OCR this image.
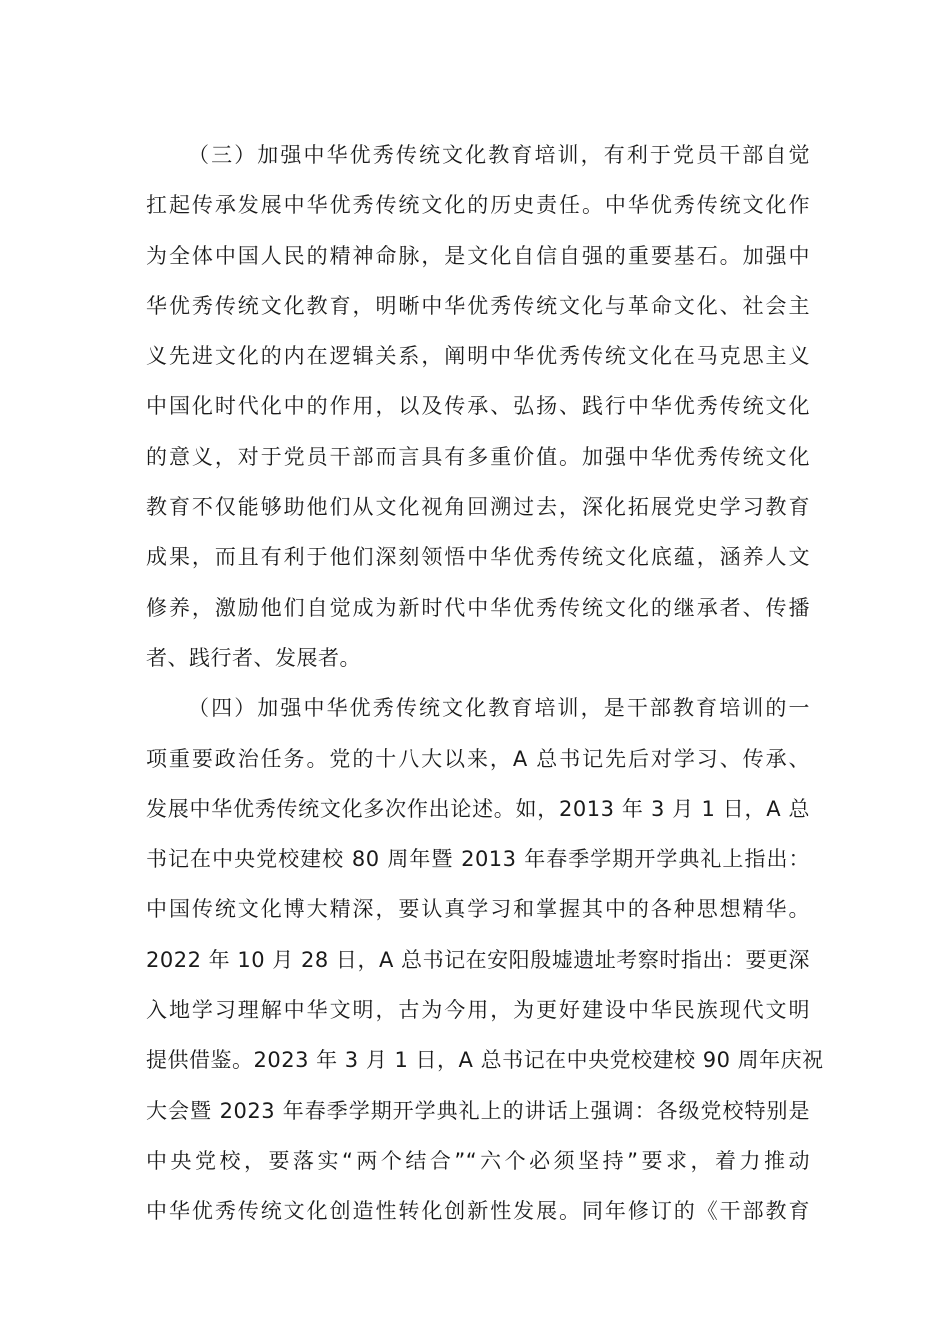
（三）加强中华优秀传统文化教育培训，有利于党员干部自觉
扛起传承发展中华优秀传统文化的历史责任。中华优秀传统文化作
为全体中国人民的精神命脉，是文化自信自强的重要基石。加强中
华优秀传统文化教育，明晰中华优秀传统文化与革命文化、社会主
义先进文化的内在逻辑关系，阐明中华优秀传统文化在马克思主义
中国化时代化中的作用，以及传承、弘扬、践行中华优秀传统文化
的意义，对于党员干部而言具有多重价值。加强中华优秀传统文化
教育不仅能够助他们从文化视角回溯过去，深化拓展党史学习教育
成果，而且有利于他们深刻领悟中华优秀传统文化底蕴，涵养人文
修养，激励他们自觉成为新时代中华优秀传统文化的继承者、传播
者、践行者、发展者。
（四）加强中华优秀传统文化教育培训，是干部教育培训的一
项重要政治任务。党的十八大以来，A 总书记先后对学习、传承、
发展中华优秀传统文化多次作出论述。如，2013 年 3 月 1 日，A 总
书记在中央党校建校 80 周年暨 2013 年春季学期开学典礼上指出：
中国传统文化博大精深，要认真学习和掌握其中的各种思想精华。
2022 年 10 月 28 日，A 总书记在安阳殷墟遗址考察时指出：要更深
入地学习理解中华文明，古为今用，为更好建设中华民族现代文明
提供借鉴。2023 年 3 月 1 日，A 总书记在中央党校建校 90 周年庆祝
大会暨 2023 年春季学期开学典礼上的讲话上强调：各级党校特别是
中央党校，要落实“两个结合”“六个必须坚持”要求，着力推动
中华优秀传统文化创造性转化创新性发展。同年修订的《干部教育
